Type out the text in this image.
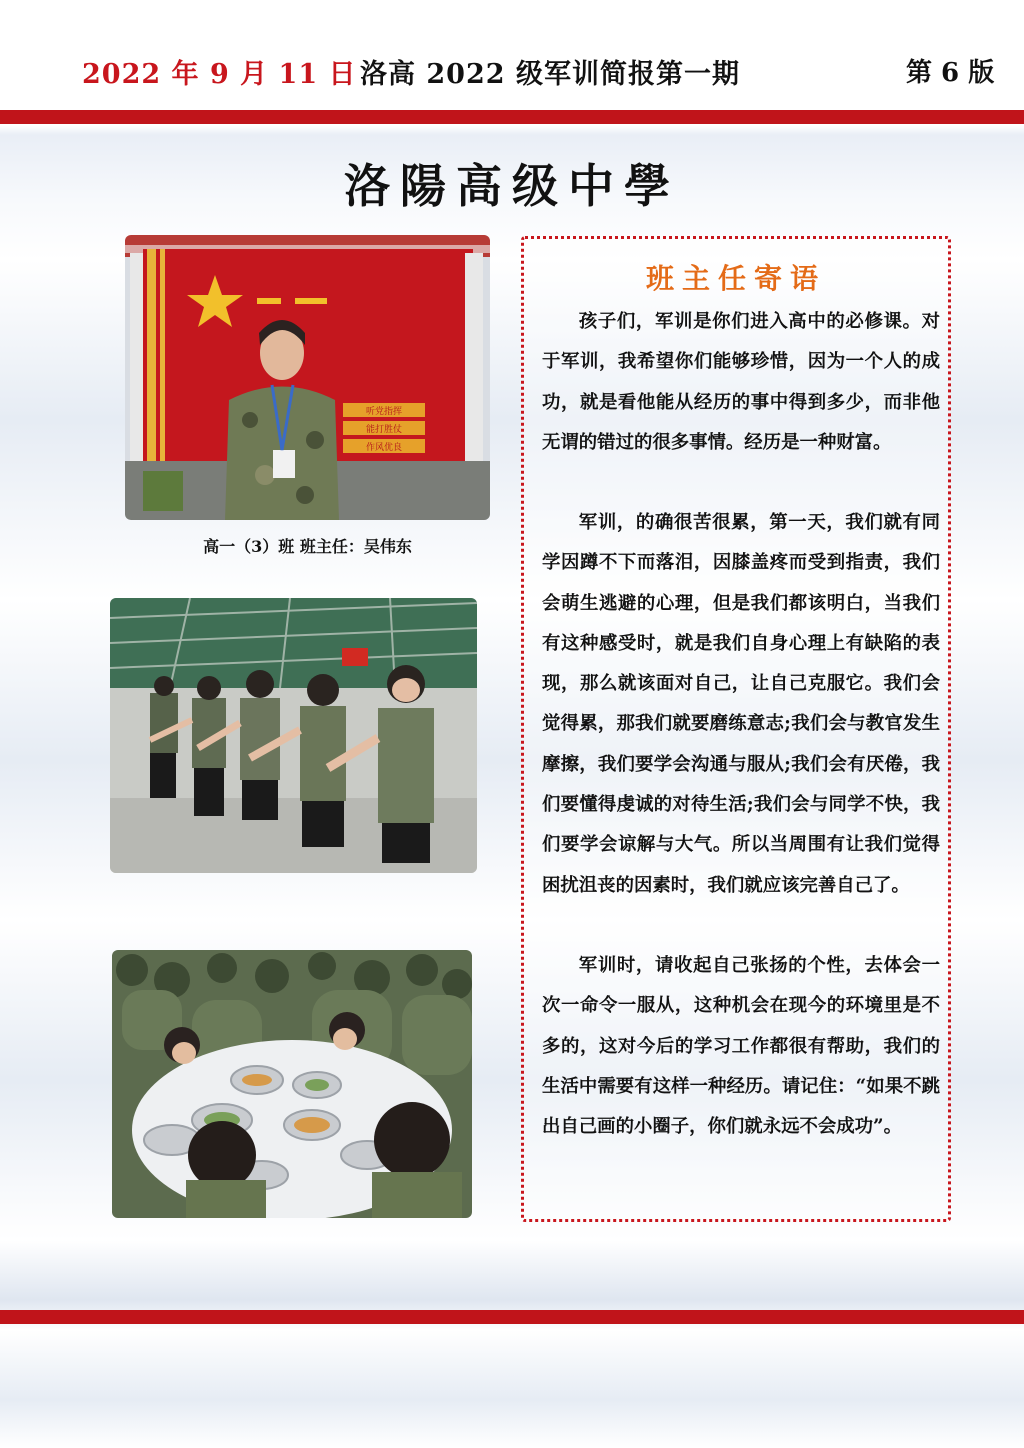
2022 年 9 月 11 日 洛高 2022 级军训简报第一期	第 6 版
洛陽高级中學
听党指挥
能打胜仗
作风优良
高一（3）班 班主任：吴伟东
班主任寄语

孩子们，军训是你们进入高中的必修课。对于军训，我希望你们能够珍惜，因为一个人的成功，就是看他能从经历的事中得到多少，而非他无谓的错过的很多事情。经历是一种财富。

军训，的确很苦很累，第一天，我们就有同学因蹲不下而落泪，因膝盖疼而受到指责，我们会萌生逃避的心理，但是我们都该明白，当我们有这种感受时，就是我们自身心理上有缺陷的表现，那么就该面对自己，让自己克服它。我们会觉得累，那我们就要磨练意志;我们会与教官发生摩擦，我们要学会沟通与服从;我们会有厌倦，我们要懂得虔诚的对待生活;我们会与同学不快，我们要学会谅解与大气。所以当周围有让我们觉得困扰沮丧的因素时，我们就应该完善自己了。

军训时，请收起自己张扬的个性，去体会一次一命令一服从，这种机会在现今的环境里是不多的，这对今后的学习工作都很有帮助，我们的生活中需要有这样一种经历。请记住：“如果不跳出自己画的小圈子，你们就永远不会成功”。
